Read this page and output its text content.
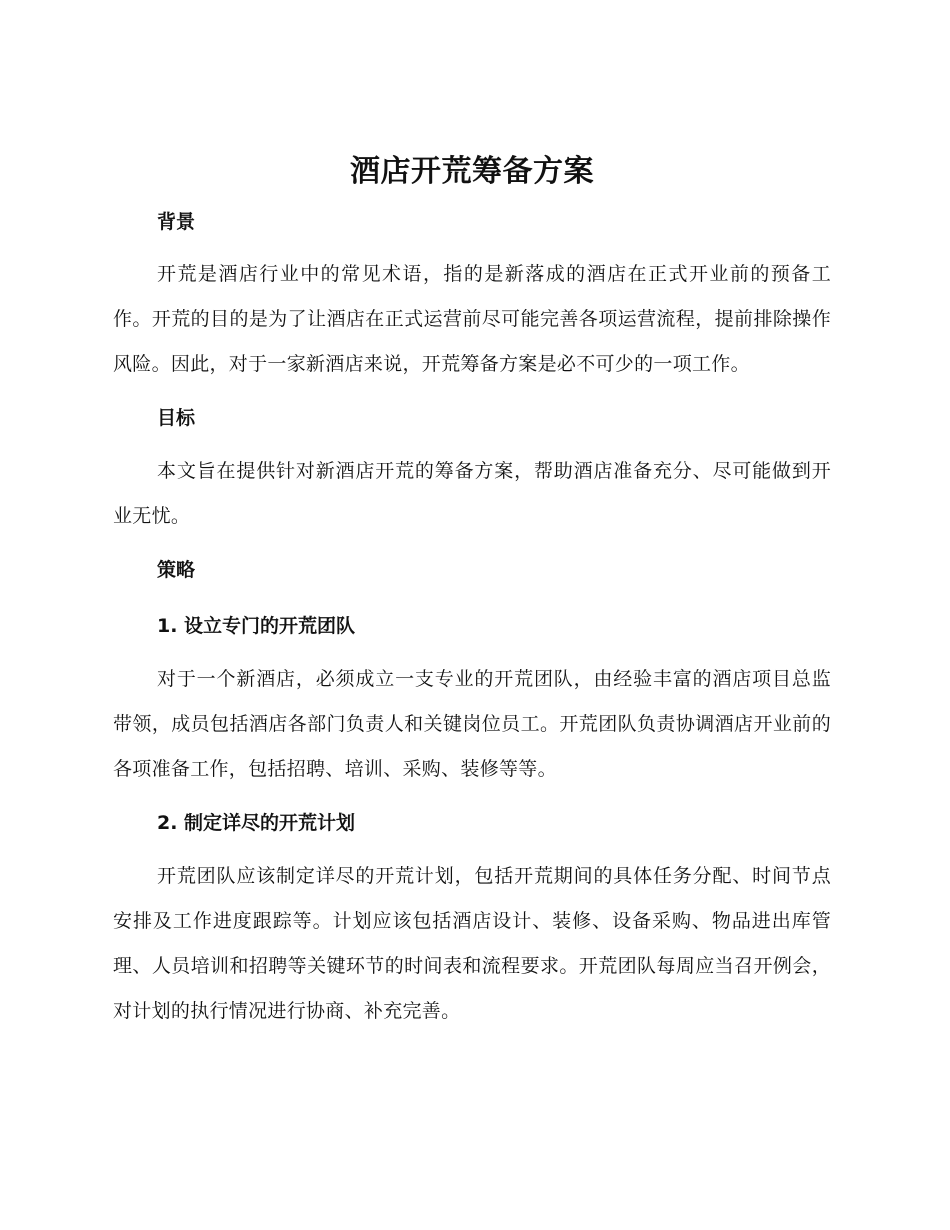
酒店开荒筹备方案
背景

开荒是酒店行业中的常见术语，指的是新落成的酒店在正式开业前的预备工作。开荒的目的是为了让酒店在正式运营前尽可能完善各项运营流程，提前排除操作风险。因此，对于一家新酒店来说，开荒筹备方案是必不可少的一项工作。

目标

本文旨在提供针对新酒店开荒的筹备方案，帮助酒店准备充分、尽可能做到开业无忧。

策略
1. 设立专门的开荒团队

对于一个新酒店，必须成立一支专业的开荒团队，由经验丰富的酒店项目总监带领，成员包括酒店各部门负责人和关键岗位员工。开荒团队负责协调酒店开业前的各项准备工作，包括招聘、培训、采购、装修等等。

2. 制定详尽的开荒计划

开荒团队应该制定详尽的开荒计划，包括开荒期间的具体任务分配、时间节点安排及工作进度跟踪等。计划应该包括酒店设计、装修、设备采购、物品进出库管理、人员培训和招聘等关键环节的时间表和流程要求。开荒团队每周应当召开例会，对计划的执行情况进行协商、补充完善。
